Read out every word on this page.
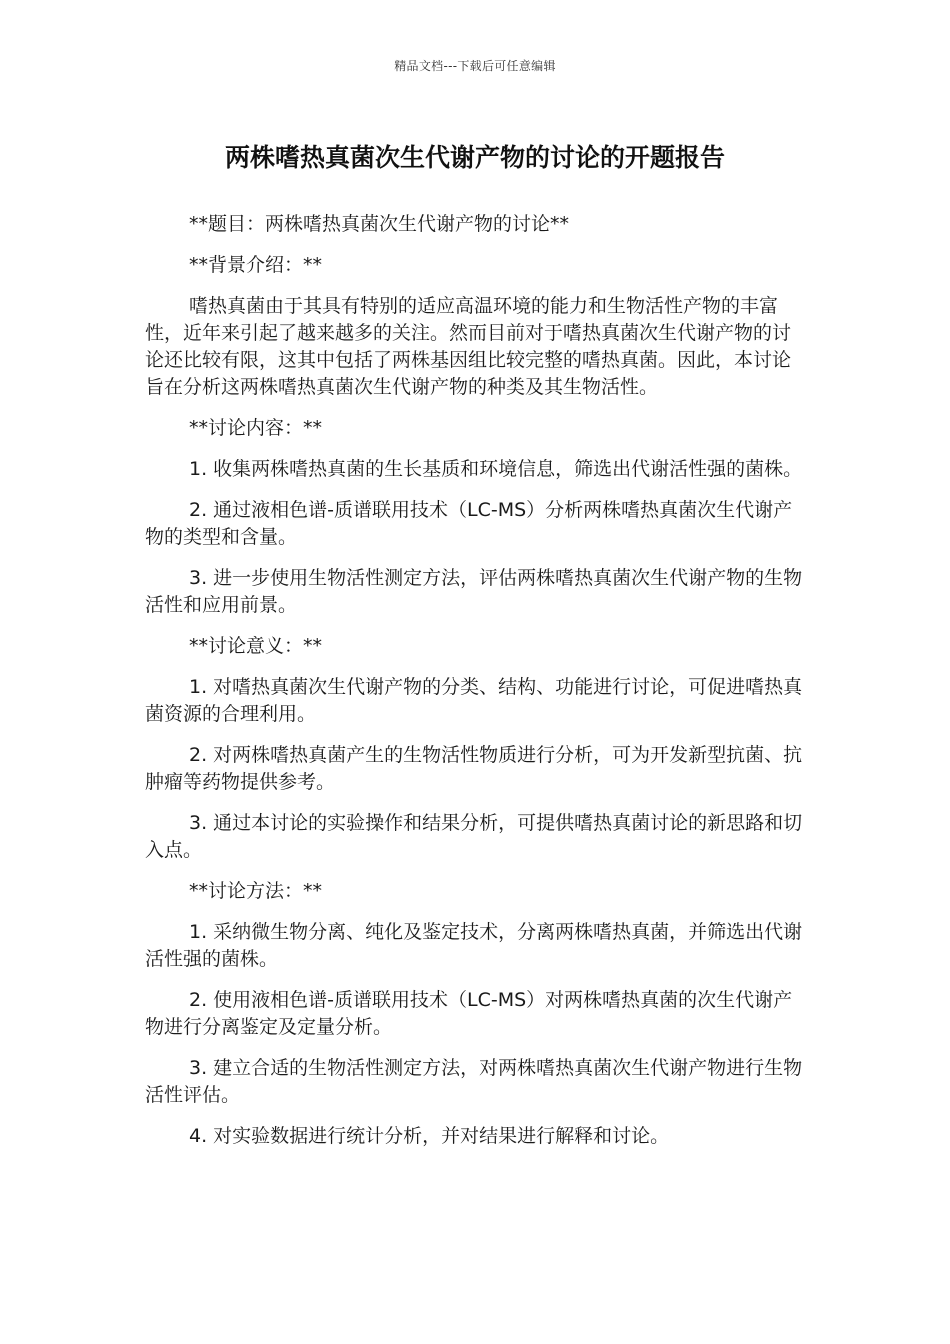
精品文档---下载后可任意编辑
两株嗜热真菌次生代谢产物的讨论的开题报告

**题目：两株嗜热真菌次生代谢产物的讨论**

**背景介绍：**

嗜热真菌由于其具有特别的适应高温环境的能力和生物活性产物的丰富性，近年来引起了越来越多的关注。然而目前对于嗜热真菌次生代谢产物的讨论还比较有限，这其中包括了两株基因组比较完整的嗜热真菌。因此，本讨论旨在分析这两株嗜热真菌次生代谢产物的种类及其生物活性。

**讨论内容：**

1. 收集两株嗜热真菌的生长基质和环境信息，筛选出代谢活性强的菌株。

2. 通过液相色谱-质谱联用技术（LC-MS）分析两株嗜热真菌次生代谢产物的类型和含量。

3. 进一步使用生物活性测定方法，评估两株嗜热真菌次生代谢产物的生物活性和应用前景。

**讨论意义：**

1. 对嗜热真菌次生代谢产物的分类、结构、功能进行讨论，可促进嗜热真菌资源的合理利用。

2. 对两株嗜热真菌产生的生物活性物质进行分析，可为开发新型抗菌、抗肿瘤等药物提供参考。

3. 通过本讨论的实验操作和结果分析，可提供嗜热真菌讨论的新思路和切入点。

**讨论方法：**

1. 采纳微生物分离、纯化及鉴定技术，分离两株嗜热真菌，并筛选出代谢活性强的菌株。

2. 使用液相色谱-质谱联用技术（LC-MS）对两株嗜热真菌的次生代谢产物进行分离鉴定及定量分析。

3. 建立合适的生物活性测定方法，对两株嗜热真菌次生代谢产物进行生物活性评估。

4. 对实验数据进行统计分析，并对结果进行解释和讨论。
